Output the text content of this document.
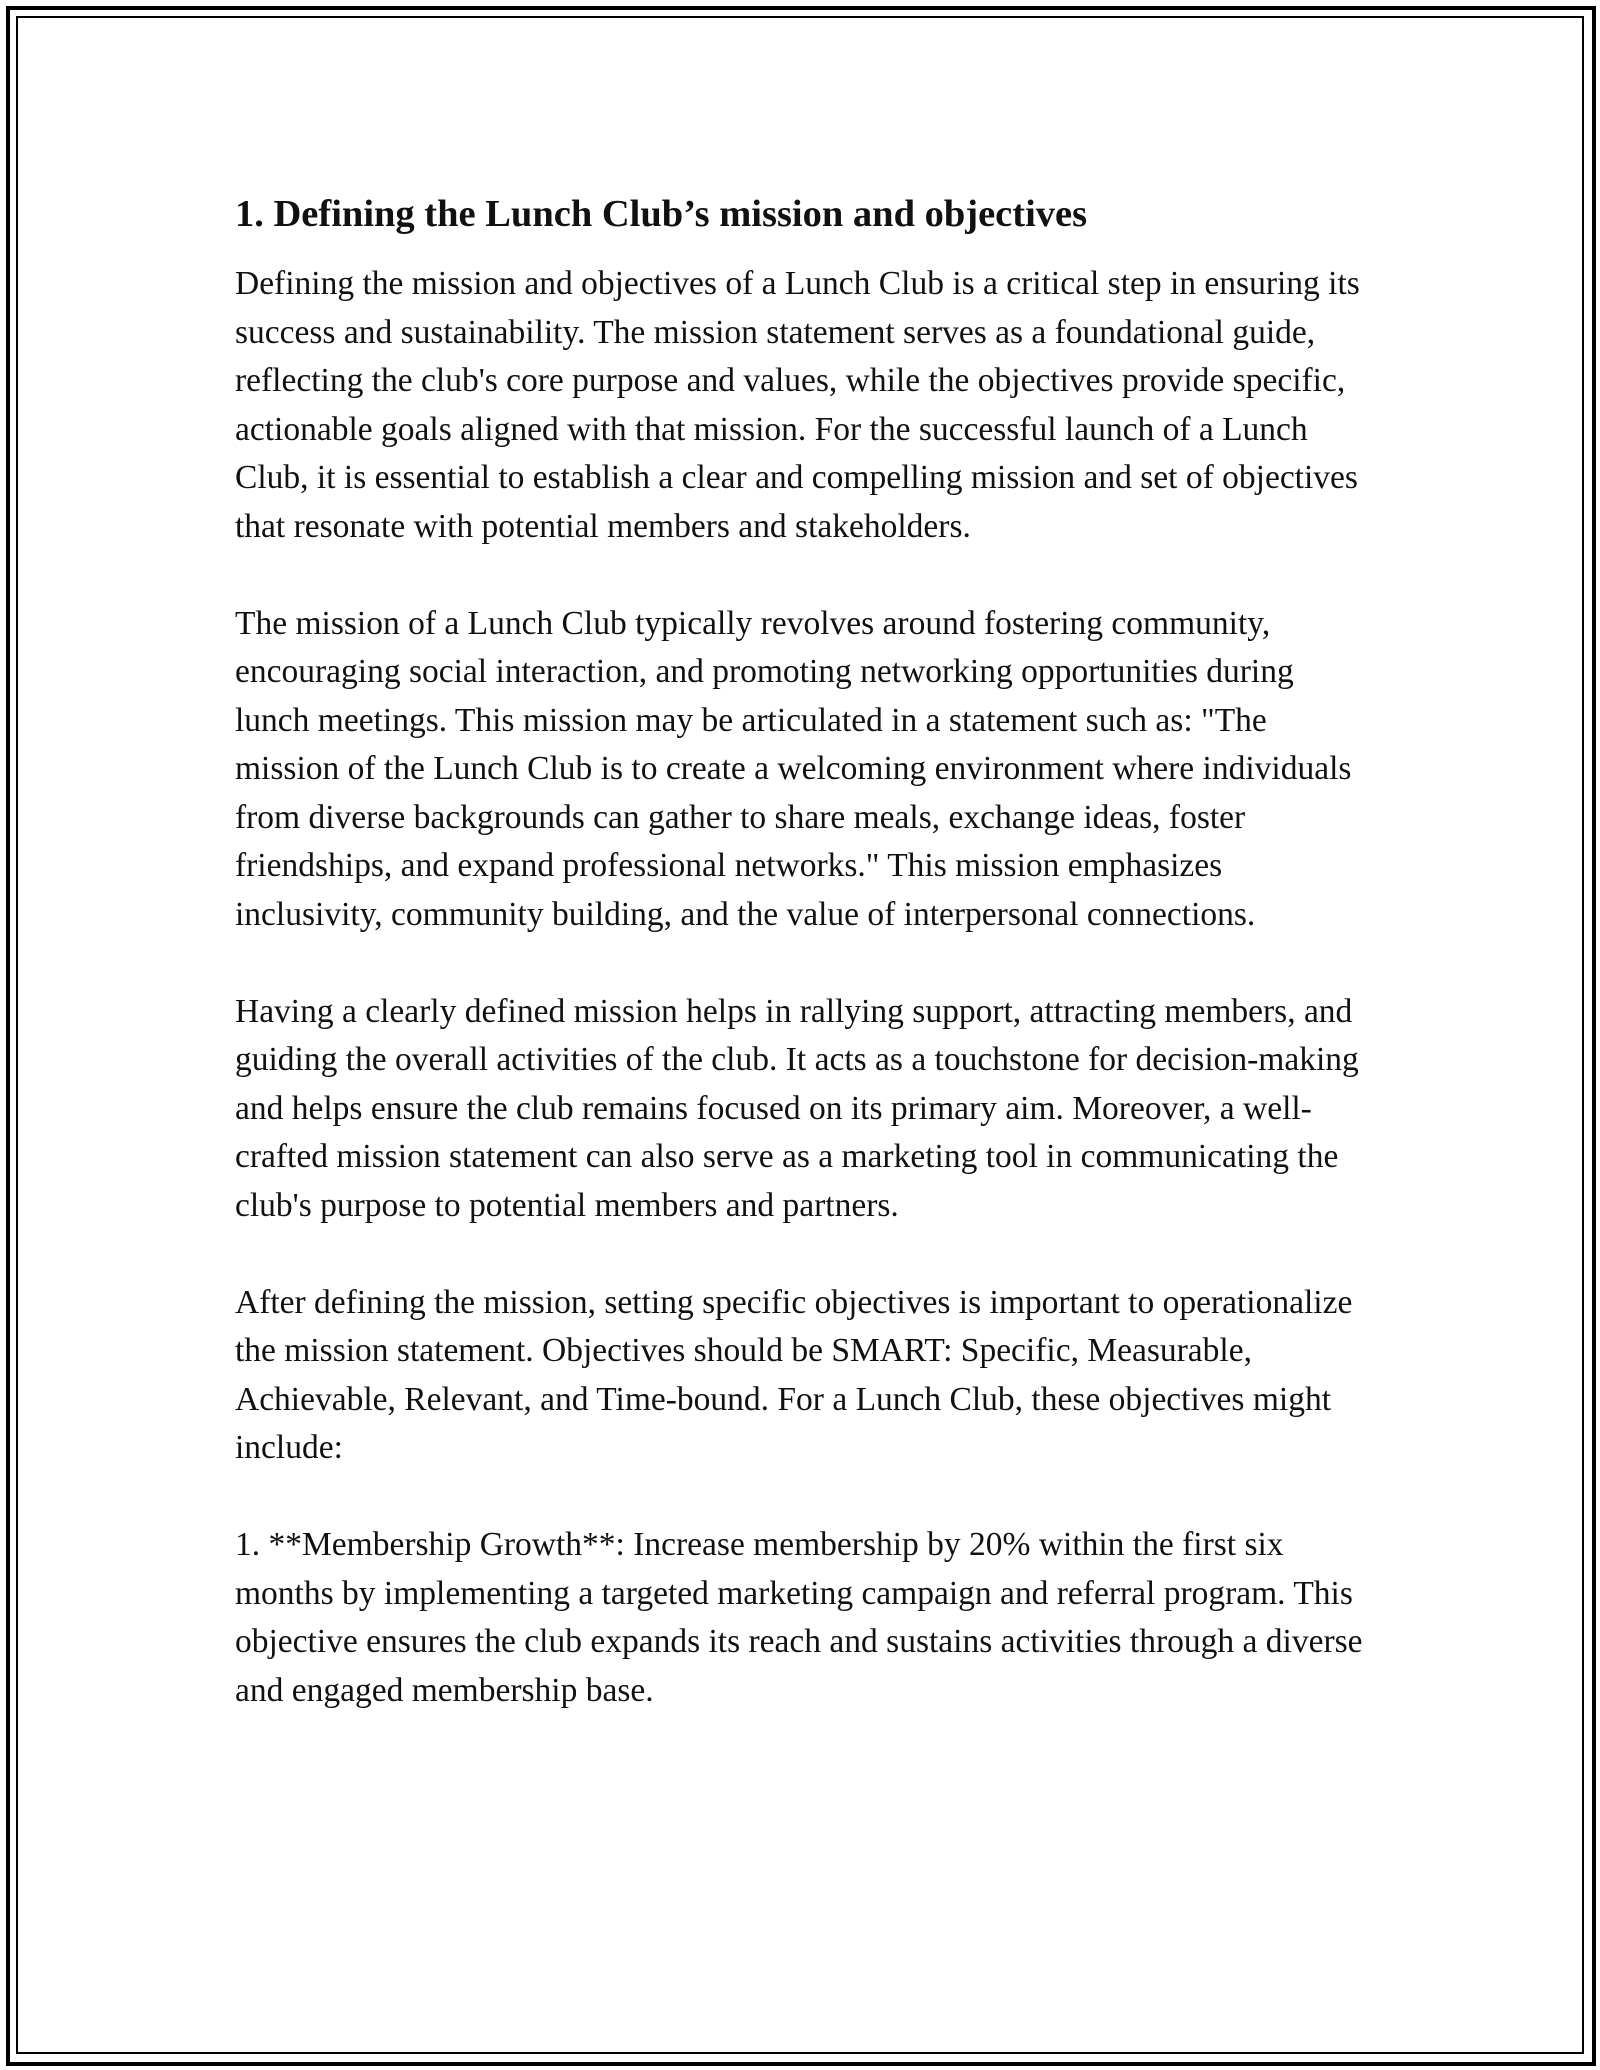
1. Defining the Lunch Club’s mission and objectives

Defining the mission and objectives of a Lunch Club is a critical step in ensuring its success and sustainability. The mission statement serves as a foundational guide, reflecting the club's core purpose and values, while the objectives provide specific, actionable goals aligned with that mission. For the successful launch of a Lunch Club, it is essential to establish a clear and compelling mission and set of objectives that resonate with potential members and stakeholders.

The mission of a Lunch Club typically revolves around fostering community, encouraging social interaction, and promoting networking opportunities during lunch meetings. This mission may be articulated in a statement such as: "The mission of the Lunch Club is to create a welcoming environment where individuals from diverse backgrounds can gather to share meals, exchange ideas, foster friendships, and expand professional networks." This mission emphasizes inclusivity, community building, and the value of interpersonal connections.

Having a clearly defined mission helps in rallying support, attracting members, and guiding the overall activities of the club. It acts as a touchstone for decision-making and helps ensure the club remains focused on its primary aim. Moreover, a well-crafted mission statement can also serve as a marketing tool in communicating the club's purpose to potential members and partners.

After defining the mission, setting specific objectives is important to operationalize the mission statement. Objectives should be SMART: Specific, Measurable, Achievable, Relevant, and Time-bound. For a Lunch Club, these objectives might include:

1. **Membership Growth**: Increase membership by 20% within the first six months by implementing a targeted marketing campaign and referral program. This objective ensures the club expands its reach and sustains activities through a diverse and engaged membership base.
